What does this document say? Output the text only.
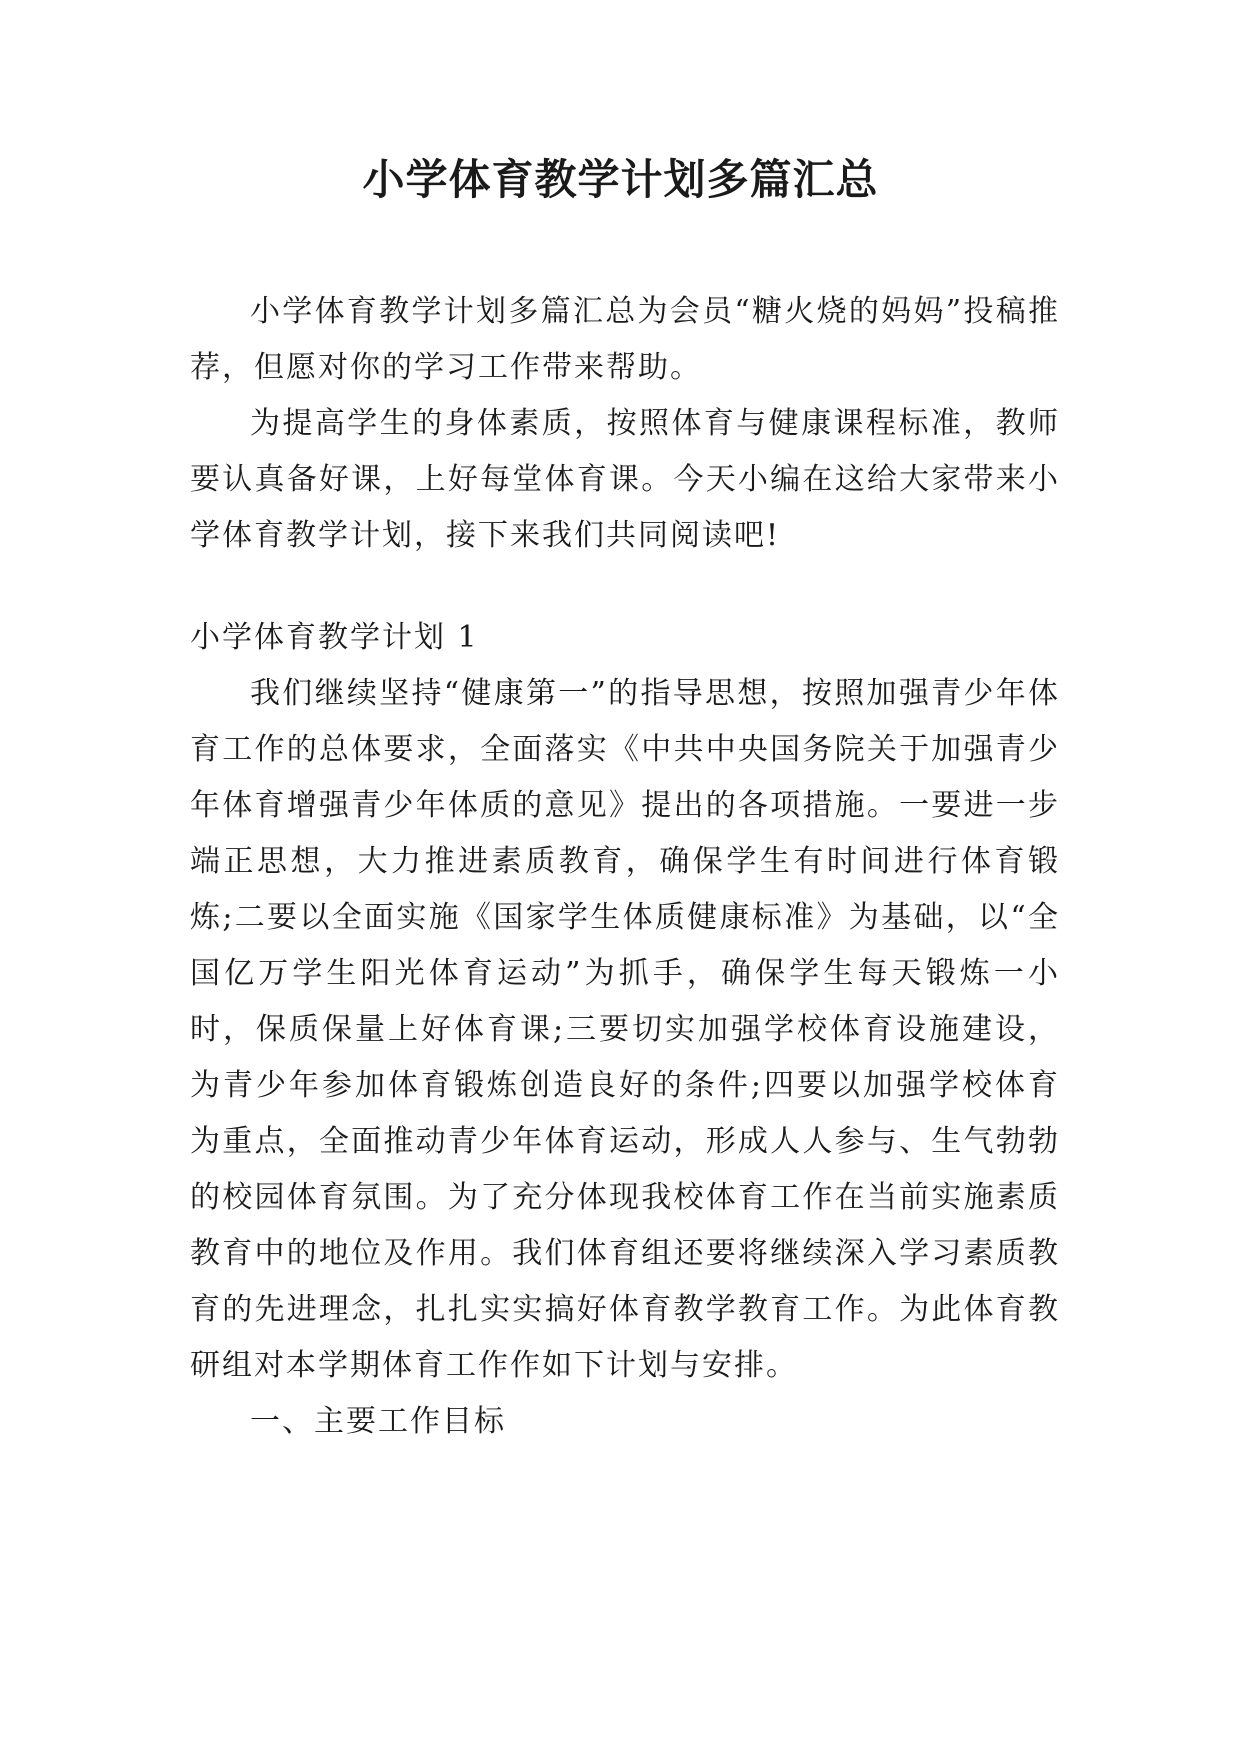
小学体育教学计划多篇汇总

小学体育教学计划多篇汇总为会员“糖火烧的妈妈”投稿推荐，但愿对你的学习工作带来帮助。

为提高学生的身体素质，按照体育与健康课程标准，教师要认真备好课，上好每堂体育课。今天小编在这给大家带来小学体育教学计划，接下来我们共同阅读吧!

小学体育教学计划 1

我们继续坚持“健康第一”的指导思想，按照加强青少年体育工作的总体要求，全面落实《中共中央国务院关于加强青少年体育增强青少年体质的意见》提出的各项措施。一要进一步端正思想，大力推进素质教育，确保学生有时间进行体育锻炼;二要以全面实施《国家学生体质健康标准》为基础，以“全国亿万学生阳光体育运动”为抓手，确保学生每天锻炼一小时，保质保量上好体育课;三要切实加强学校体育设施建设，为青少年参加体育锻炼创造良好的条件;四要以加强学校体育为重点，全面推动青少年体育运动，形成人人参与、生气勃勃的校园体育氛围。为了充分体现我校体育工作在当前实施素质教育中的地位及作用。我们体育组还要将继续深入学习素质教育的先进理念，扎扎实实搞好体育教学教育工作。为此体育教研组对本学期体育工作作如下计划与安排。

一、主要工作目标
